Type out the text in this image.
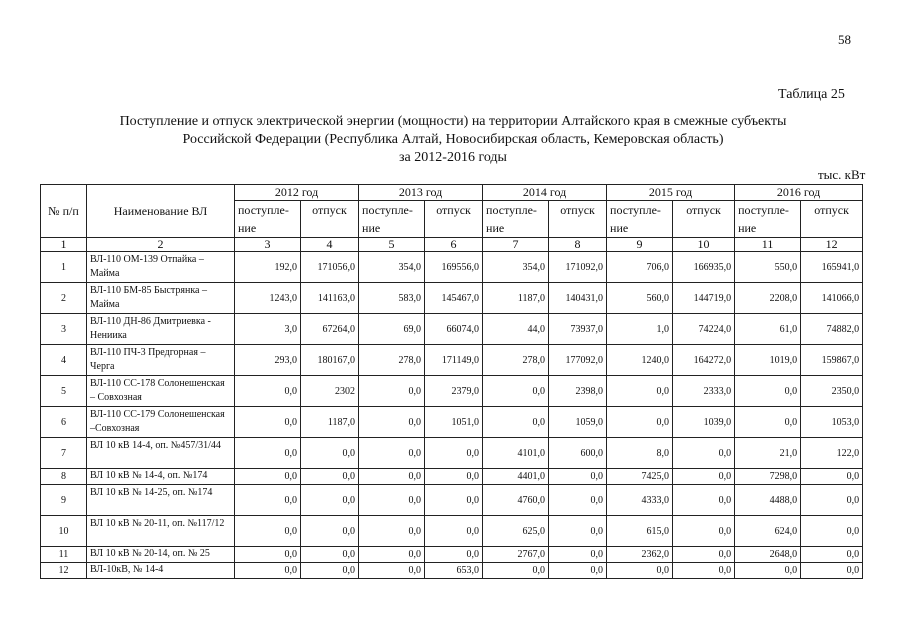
58
Таблица 25
Поступление и отпуск электрической энергии (мощности) на территории Алтайского края в смежные субъекты
Российской Федерации (Республика Алтай, Новосибирская область, Кемеровская область)
за 2012-2016 годы
тыс. кВт
№ п/п	Наименование ВЛ	2012 год		2013 год		2014 год		2015 год		2016 год	
		поступле-ние	отпуск	поступле-ние	отпуск	поступле-ние	отпуск	поступле-ние	отпуск	поступле-ние	отпуск
1	2	3	4	5	6	7	8	9	10	11	12
1	ВЛ-110 ОМ-139 Отпайка – Майма	192,0	171056,0	354,0	169556,0	354,0	171092,0	706,0	166935,0	550,0	165941,0
2	ВЛ-110 БМ-85 Быстрянка – Майма	1243,0	141163,0	583,0	145467,0	1187,0	140431,0	560,0	144719,0	2208,0	141066,0
3	ВЛ-110 ДН-86 Дмитриевка - Нениика	3,0	67264,0	69,0	66074,0	44,0	73937,0	1,0	74224,0	61,0	74882,0
4	ВЛ-110 ПЧ-3 Предгорная – Черга	293,0	180167,0	278,0	171149,0	278,0	177092,0	1240,0	164272,0	1019,0	159867,0
5	ВЛ-110 СС-178 Солонешенская – Совхозная	0,0	2302	0,0	2379,0	0,0	2398,0	0,0	2333,0	0,0	2350,0
6	ВЛ-110 СС-179 Солонешенская –Совхозная	0,0	1187,0	0,0	1051,0	0,0	1059,0	0,0	1039,0	0,0	1053,0
7	ВЛ 10 кВ 14-4, оп. №457/31/44	0,0	0,0	0,0	0,0	4101,0	600,0	8,0	0,0	21,0	122,0
8	ВЛ 10 кВ № 14-4, оп. №174	0,0	0,0	0,0	0,0	4401,0	0,0	7425,0	0,0	7298,0	0,0
9	ВЛ 10 кВ № 14-25, оп. №174	0,0	0,0	0,0	0,0	4760,0	0,0	4333,0	0,0	4488,0	0,0
10	ВЛ 10 кВ № 20-11, оп. №117/12	0,0	0,0	0,0	0,0	625,0	0,0	615,0	0,0	624,0	0,0
11	ВЛ 10 кВ № 20-14, оп. № 25	0,0	0,0	0,0	0,0	2767,0	0,0	2362,0	0,0	2648,0	0,0
12	ВЛ-10кВ, № 14-4	0,0	0,0	0,0	653,0	0,0	0,0	0,0	0,0	0,0	0,0
